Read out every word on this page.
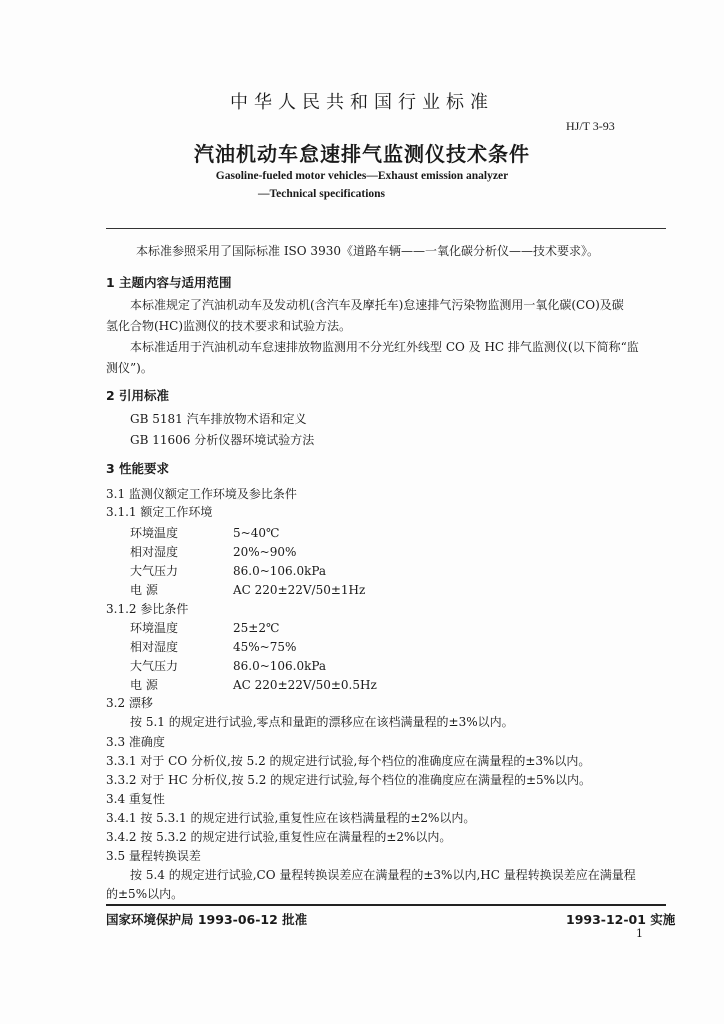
中华人民共和国行业标准
HJ/T 3-93
汽油机动车怠速排气监测仪技术条件
Gasoline-fueled motor vehicles—Exhaust emission analyzer
—Technical specifications
本标准参照采用了国际标准 ISO 3930《道路车辆——一氧化碳分析仪——技术要求》。
1 主题内容与适用范围
本标准规定了汽油机动车及发动机(含汽车及摩托车)怠速排气污染物监测用一氧化碳(CO)及碳
氢化合物(HC)监测仪的技术要求和试验方法。
本标准适用于汽油机动车怠速排放物监测用不分光红外线型 CO 及 HC 排气监测仪(以下简称“监
测仪”)。
2 引用标准
GB 5181 汽车排放物术语和定义
GB 11606 分析仪器环境试验方法
3 性能要求
3.1 监测仪额定工作环境及参比条件
3.1.1 额定工作环境
环境温度	5~40℃
相对湿度	20%~90%
大气压力	86.0~106.0kPa
电 源	AC 220±22V/50±1Hz
3.1.2 参比条件
环境温度	25±2℃
相对湿度	45%~75%
大气压力	86.0~106.0kPa
电 源	AC 220±22V/50±0.5Hz
3.2 漂移
按 5.1 的规定进行试验,零点和量距的漂移应在该档满量程的±3%以内。
3.3 准确度
3.3.1 对于 CO 分析仪,按 5.2 的规定进行试验,每个档位的准确度应在满量程的±3%以内。
3.3.2 对于 HC 分析仪,按 5.2 的规定进行试验,每个档位的准确度应在满量程的±5%以内。
3.4 重复性
3.4.1 按 5.3.1 的规定进行试验,重复性应在该档满量程的±2%以内。
3.4.2 按 5.3.2 的规定进行试验,重复性应在满量程的±2%以内。
3.5 量程转换误差
按 5.4 的规定进行试验,CO 量程转换误差应在满量程的±3%以内,HC 量程转换误差应在满量程
的±5%以内。
国家环境保护局 1993-06-12 批准	1993-12-01 实施
1
